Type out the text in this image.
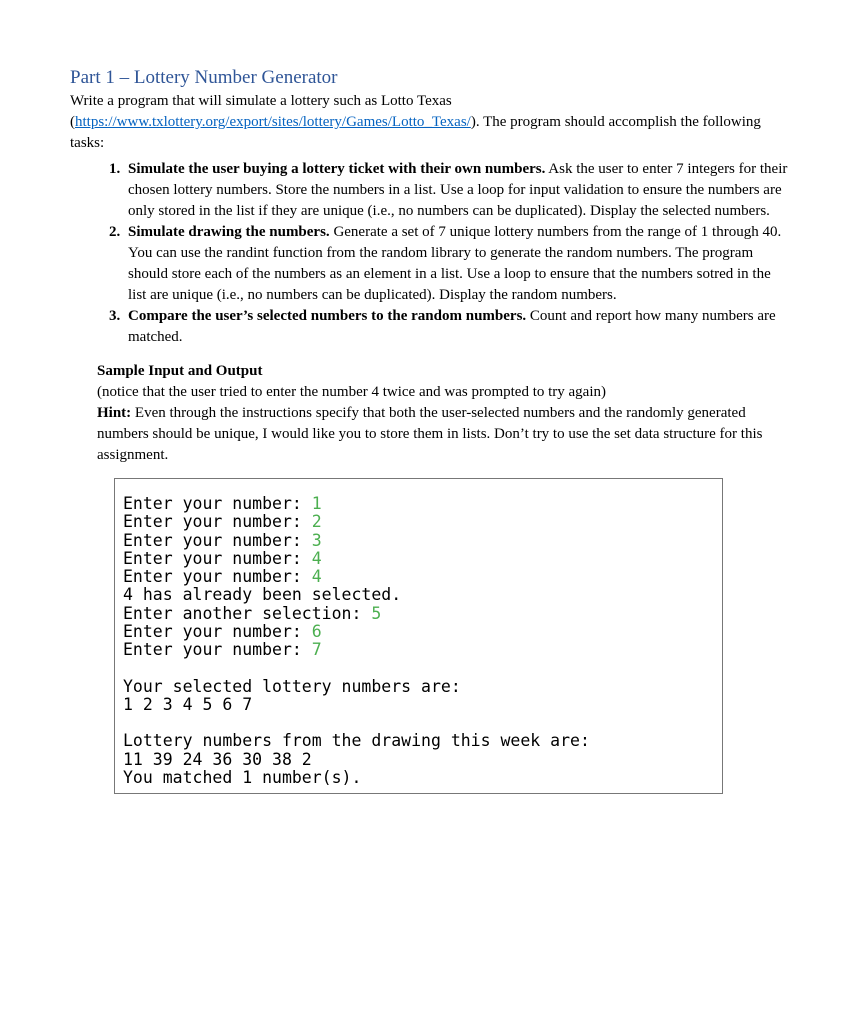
Part 1 – Lottery Number Generator
Write a program that will simulate a lottery such as Lotto Texas (https://www.txlottery.org/export/sites/lottery/Games/Lotto_Texas/). The program should accomplish the following tasks:
1. Simulate the user buying a lottery ticket with their own numbers. Ask the user to enter 7 integers for their chosen lottery numbers. Store the numbers in a list. Use a loop for input validation to ensure the numbers are only stored in the list if they are unique (i.e., no numbers can be duplicated). Display the selected numbers.
2. Simulate drawing the numbers. Generate a set of 7 unique lottery numbers from the range of 1 through 40. You can use the randint function from the random library to generate the random numbers. The program should store each of the numbers as an element in a list. Use a loop to ensure that the numbers sotred in the list are unique (i.e., no numbers can be duplicated). Display the random numbers.
3. Compare the user’s selected numbers to the random numbers. Count and report how many numbers are matched.
Sample Input and Output
(notice that the user tried to enter the number 4 twice and was prompted to try again)
Hint: Even through the instructions specify that both the user-selected numbers and the randomly generated numbers should be unique, I would like you to store them in lists. Don’t try to use the set data structure for this assignment.
Enter your number: 1
Enter your number: 2
Enter your number: 3
Enter your number: 4
Enter your number: 4
4 has already been selected.
Enter another selection: 5
Enter your number: 6
Enter your number: 7

Your selected lottery numbers are:
1 2 3 4 5 6 7

Lottery numbers from the drawing this week are:
11 39 24 36 30 38 2
You matched 1 number(s).
